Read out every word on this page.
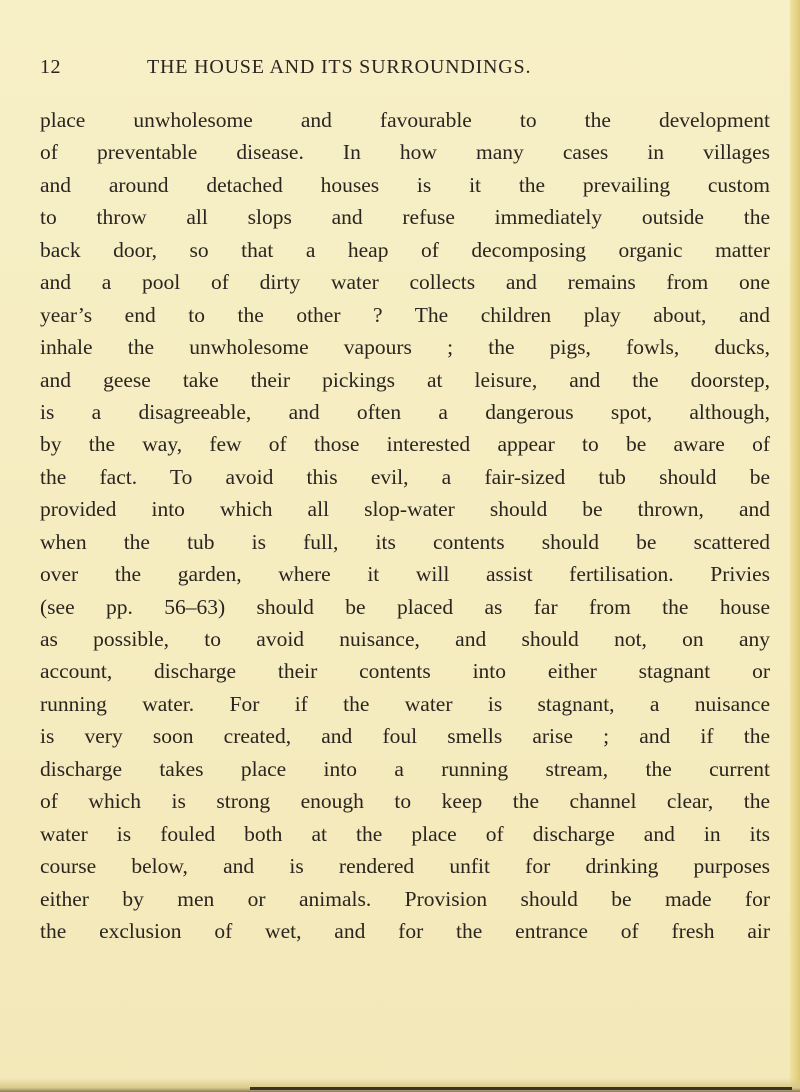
12	THE HOUSE AND ITS SURROUNDINGS.
place unwholesome and favourable to the development
of preventable disease. In how many cases in villages
and around detached houses is it the prevailing custom
to throw all slops and refuse immediately outside the
back door, so that a heap of decomposing organic matter
and a pool of dirty water collects and remains from one
year’s end to the other ? The children play about, and
inhale the unwholesome vapours ; the pigs, fowls, ducks,
and geese take their pickings at leisure, and the doorstep,
is a disagreeable, and often a dangerous spot, although,
by the way, few of those interested appear to be aware of
the fact. To avoid this evil, a fair-sized tub should be
provided into which all slop-water should be thrown, and
when the tub is full, its contents should be scattered
over the garden, where it will assist fertilisation. Privies
(see pp. 56–63) should be placed as far from the house
as possible, to avoid nuisance, and should not, on any
account, discharge their contents into either stagnant or
running water. For if the water is stagnant, a nuisance
is very soon created, and foul smells arise ; and if the
discharge takes place into a running stream, the current
of which is strong enough to keep the channel clear, the
water is fouled both at the place of discharge and in its
course below, and is rendered unfit for drinking purposes
either by men or animals. Provision should be made for
the exclusion of wet, and for the entrance of fresh air
